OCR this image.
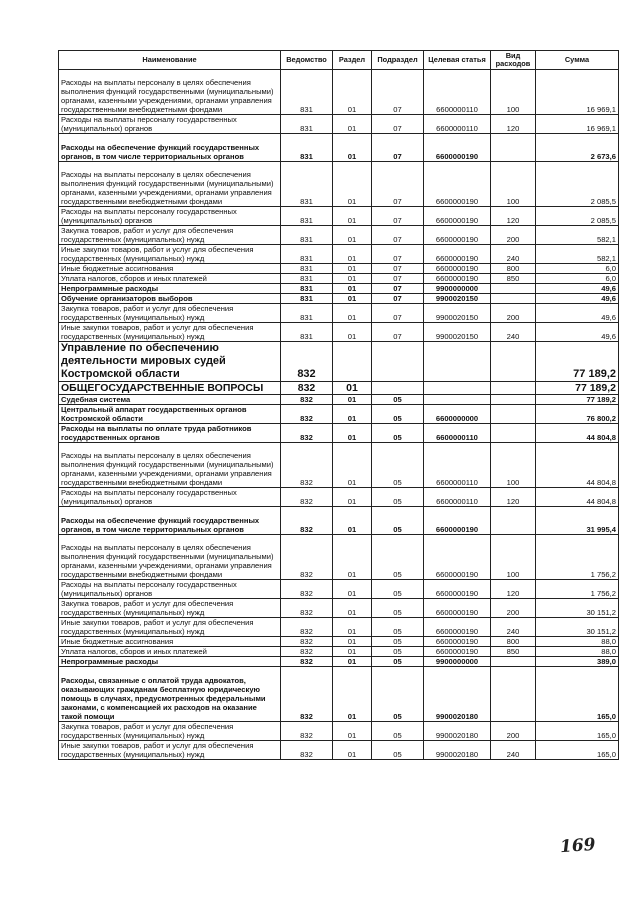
Наименование	Ведомство	Раздел	Подраздел	Целевая статья	Вид расходов	Сумма
Расходы на выплаты персоналу в целях обеспечения выполнения функций государственными (муниципальными) органами, казенными учреждениями, органами управления государственными внебюджетными фондами	831	01	07	6600000110	100	16 969,1
Расходы на выплаты персоналу государственных (муниципальных) органов	831	01	07	6600000110	120	16 969,1
Расходы на обеспечение функций государственных органов, в том числе территориальных органов	831	01	07	6600000190		2 673,6
Расходы на выплаты персоналу в целях обеспечения выполнения функций государственными (муниципальными) органами, казенными учреждениями, органами управления государственными внебюджетными фондами	831	01	07	6600000190	100	2 085,5
Расходы на выплаты персоналу государственных (муниципальных) органов	831	01	07	6600000190	120	2 085,5
Закупка товаров, работ и услуг для обеспечения государственных (муниципальных) нужд	831	01	07	6600000190	200	582,1
Иные закупки товаров, работ и услуг для обеспечения государственных (муниципальных) нужд	831	01	07	6600000190	240	582,1
Иные бюджетные ассигнования	831	01	07	6600000190	800	6,0
Уплата налогов, сборов и иных платежей	831	01	07	6600000190	850	6,0
Непрограммные расходы	831	01	07	9900000000		49,6
Обучение организаторов выборов	831	01	07	9900020150		49,6
Закупка товаров, работ и услуг для обеспечения государственных (муниципальных) нужд	831	01	07	9900020150	200	49,6
Иные закупки товаров, работ и услуг для обеспечения государственных (муниципальных) нужд	831	01	07	9900020150	240	49,6
Управление по обеспечению деятельности мировых судей Костромской области	832					77 189,2
ОБЩЕГОСУДАРСТВЕННЫЕ ВОПРОСЫ	832	01				77 189,2
Судебная система	832	01	05			77 189,2
Центральный аппарат государственных органов Костромской области	832	01	05	6600000000		76 800,2
Расходы на выплаты по оплате труда работников государственных органов	832	01	05	6600000110		44 804,8
Расходы на выплаты персоналу в целях обеспечения выполнения функций государственными (муниципальными) органами, казенными учреждениями, органами управления государственными внебюджетными фондами	832	01	05	6600000110	100	44 804,8
Расходы на выплаты персоналу государственных (муниципальных) органов	832	01	05	6600000110	120	44 804,8
Расходы на обеспечение функций государственных органов, в том числе территориальных органов	832	01	05	6600000190		31 995,4
Расходы на выплаты персоналу в целях обеспечения выполнения функций государственными (муниципальными) органами, казенными учреждениями, органами управления государственными внебюджетными фондами	832	01	05	6600000190	100	1 756,2
Расходы на выплаты персоналу государственных (муниципальных) органов	832	01	05	6600000190	120	1 756,2
Закупка товаров, работ и услуг для обеспечения государственных (муниципальных) нужд	832	01	05	6600000190	200	30 151,2
Иные закупки товаров, работ и услуг для обеспечения государственных (муниципальных) нужд	832	01	05	6600000190	240	30 151,2
Иные бюджетные ассигнования	832	01	05	6600000190	800	88,0
Уплата налогов, сборов и иных платежей	832	01	05	6600000190	850	88,0
Непрограммные расходы	832	01	05	9900000000		389,0
Расходы, связанные с оплатой труда адвокатов, оказывающих гражданам бесплатную юридическую помощь в случаях, предусмотренных федеральными законами, с компенсацией их расходов на оказание такой помощи	832	01	05	9900020180		165,0
Закупка товаров, работ и услуг для обеспечения государственных (муниципальных) нужд	832	01	05	9900020180	200	165,0
Иные закупки товаров, работ и услуг для обеспечения государственных (муниципальных) нужд	832	01	05	9900020180	240	165,0
169
